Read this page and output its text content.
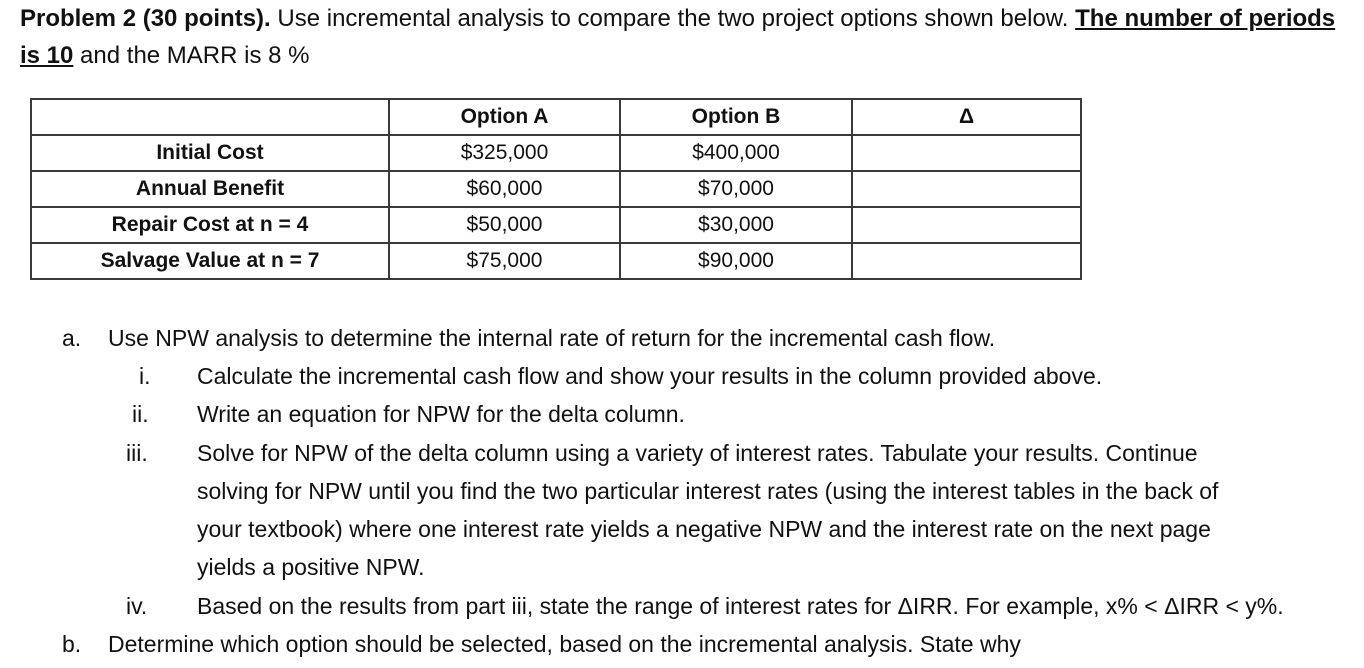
Problem 2 (30 points). Use incremental analysis to compare the two project options shown below. The number of periods is 10 and the MARR is 8 %
	Option A	Option B	Δ
Initial Cost	$325,000	$400,000	
Annual Benefit	$60,000	$70,000	
Repair Cost at n = 4	$50,000	$30,000	
Salvage Value at n = 7	$75,000	$90,000	
a. Use NPW analysis to determine the internal rate of return for the incremental cash flow.
i. Calculate the incremental cash flow and show your results in the column provided above.
ii. Write an equation for NPW for the delta column.
iii. Solve for NPW of the delta column using a variety of interest rates. Tabulate your results. Continue
solving for NPW until you find the two particular interest rates (using the interest tables in the back of
your textbook) where one interest rate yields a negative NPW and the interest rate on the next page
yields a positive NPW.
iv. Based on the results from part iii, state the range of interest rates for ΔIRR. For example, x% < ΔIRR < y%.
b. Determine which option should be selected, based on the incremental analysis. State why
